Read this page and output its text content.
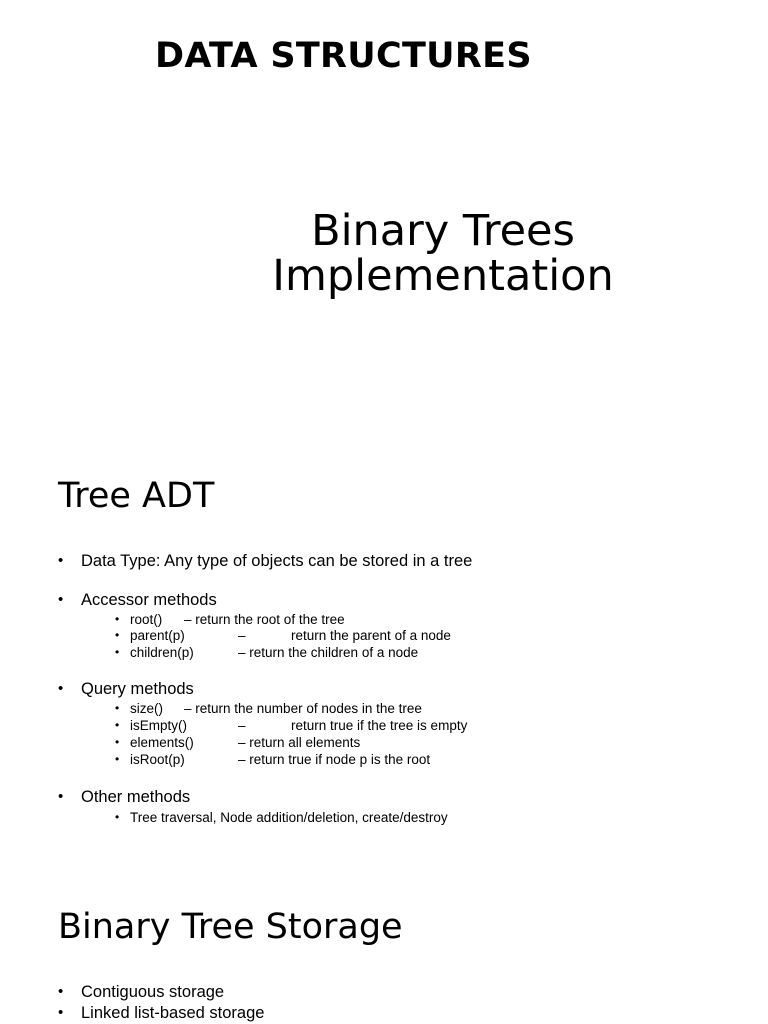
DATA STRUCTURES
Binary Trees
Implementation
Tree ADT
• Data Type: Any type of objects can be stored in a tree
• Accessor methods
• root() – return the root of the tree
• parent(p)	–	return the parent of a node
• children(p)	– return the children of a node
• Query methods
• size() – return the number of nodes in the tree
• isEmpty()	–	return true if the tree is empty
• elements()	– return all elements
• isRoot(p)	– return true if node p is the root
• Other methods
• Tree traversal, Node addition/deletion, create/destroy
Binary Tree Storage
• Contiguous storage
• Linked list-based storage
